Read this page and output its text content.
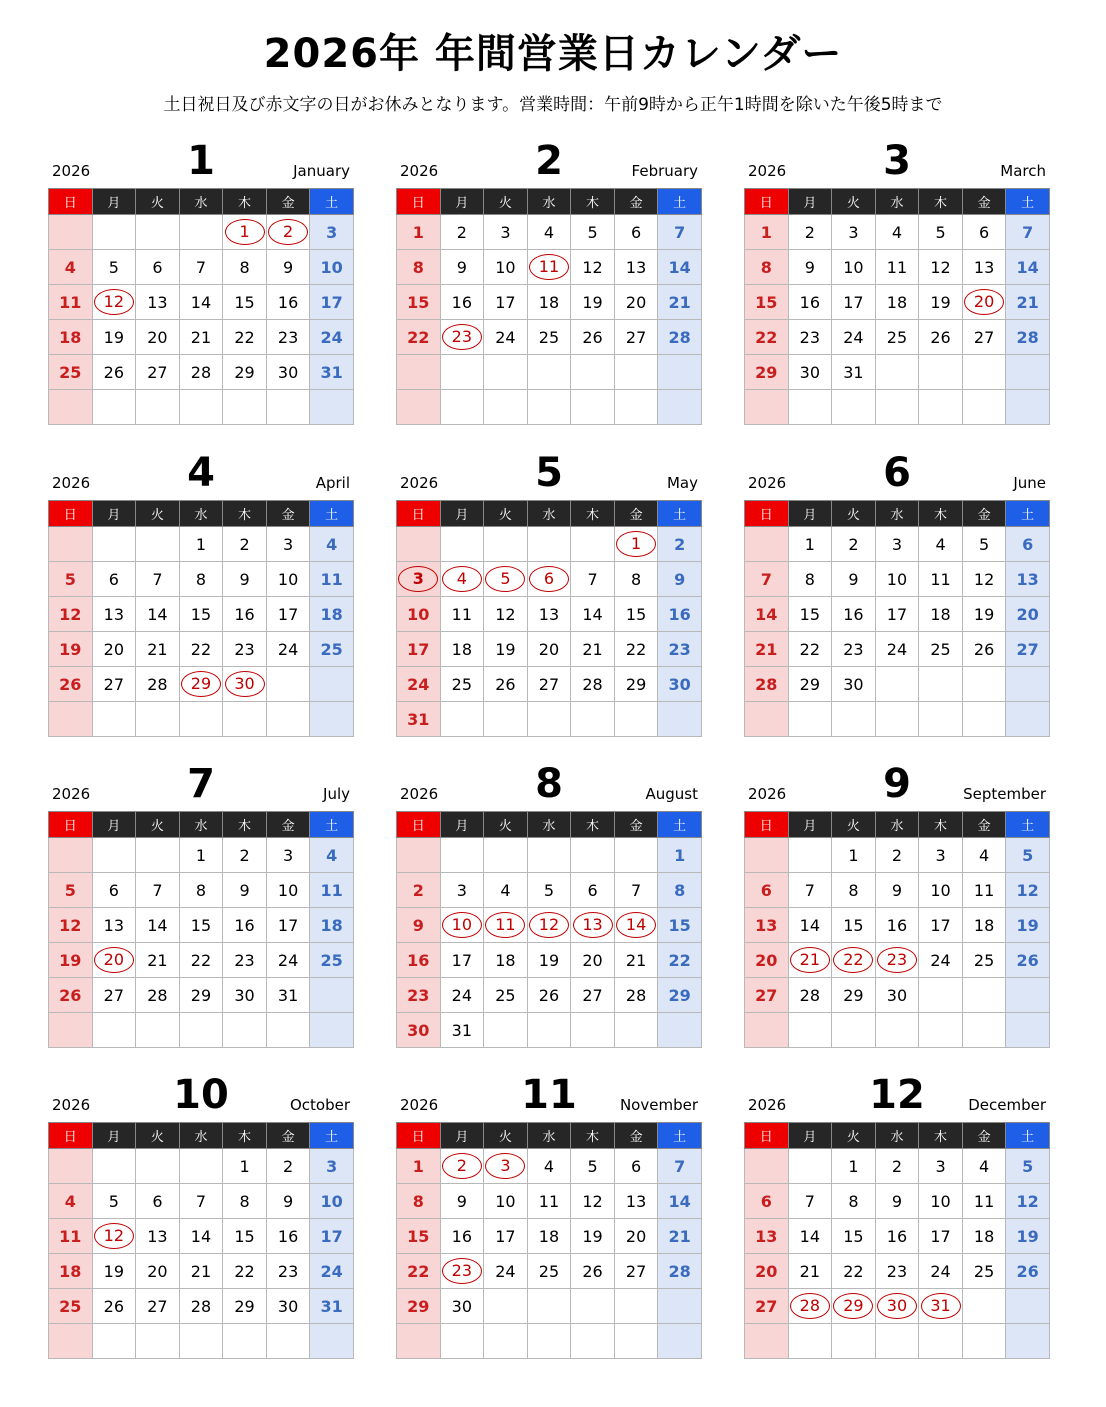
2026年 年間営業日カレンダー
土日祝日及び赤文字の日がお休みとなります。営業時間：午前9時から正午1時間を除いた午後5時まで
2026	1	January
日	月	火	水	木	金	土
				1	2	3
4	5	6	7	8	9	10
11	12	13	14	15	16	17
18	19	20	21	22	23	24
25	26	27	28	29	30	31

2026	2	February
日	月	火	水	木	金	土
1	2	3	4	5	6	7
8	9	10	11	12	13	14
15	16	17	18	19	20	21
22	23	24	25	26	27	28

2026	3	March
日	月	火	水	木	金	土
1	2	3	4	5	6	7
8	9	10	11	12	13	14
15	16	17	18	19	20	21
22	23	24	25	26	27	28
29	30	31				

2026	4	April
日	月	火	水	木	金	土
			1	2	3	4
5	6	7	8	9	10	11
12	13	14	15	16	17	18
19	20	21	22	23	24	25
26	27	28	29	30		

2026	5	May
日	月	火	水	木	金	土
					1	2
3	4	5	6	7	8	9
10	11	12	13	14	15	16
17	18	19	20	21	22	23
24	25	26	27	28	29	30
31						
2026	6	June
日	月	火	水	木	金	土
	1	2	3	4	5	6
7	8	9	10	11	12	13
14	15	16	17	18	19	20
21	22	23	24	25	26	27
28	29	30				

2026	7	July
日	月	火	水	木	金	土
			1	2	3	4
5	6	7	8	9	10	11
12	13	14	15	16	17	18
19	20	21	22	23	24	25
26	27	28	29	30	31	

2026	8	August
日	月	火	水	木	金	土
						1
2	3	4	5	6	7	8
9	10	11	12	13	14	15
16	17	18	19	20	21	22
23	24	25	26	27	28	29
30	31					
2026	9	September
日	月	火	水	木	金	土
		1	2	3	4	5
6	7	8	9	10	11	12
13	14	15	16	17	18	19
20	21	22	23	24	25	26
27	28	29	30			

2026	10	October
日	月	火	水	木	金	土
				1	2	3
4	5	6	7	8	9	10
11	12	13	14	15	16	17
18	19	20	21	22	23	24
25	26	27	28	29	30	31

2026	11	November
日	月	火	水	木	金	土
1	2	3	4	5	6	7
8	9	10	11	12	13	14
15	16	17	18	19	20	21
22	23	24	25	26	27	28
29	30					

2026	12	December
日	月	火	水	木	金	土
		1	2	3	4	5
6	7	8	9	10	11	12
13	14	15	16	17	18	19
20	21	22	23	24	25	26
27	28	29	30	31		
